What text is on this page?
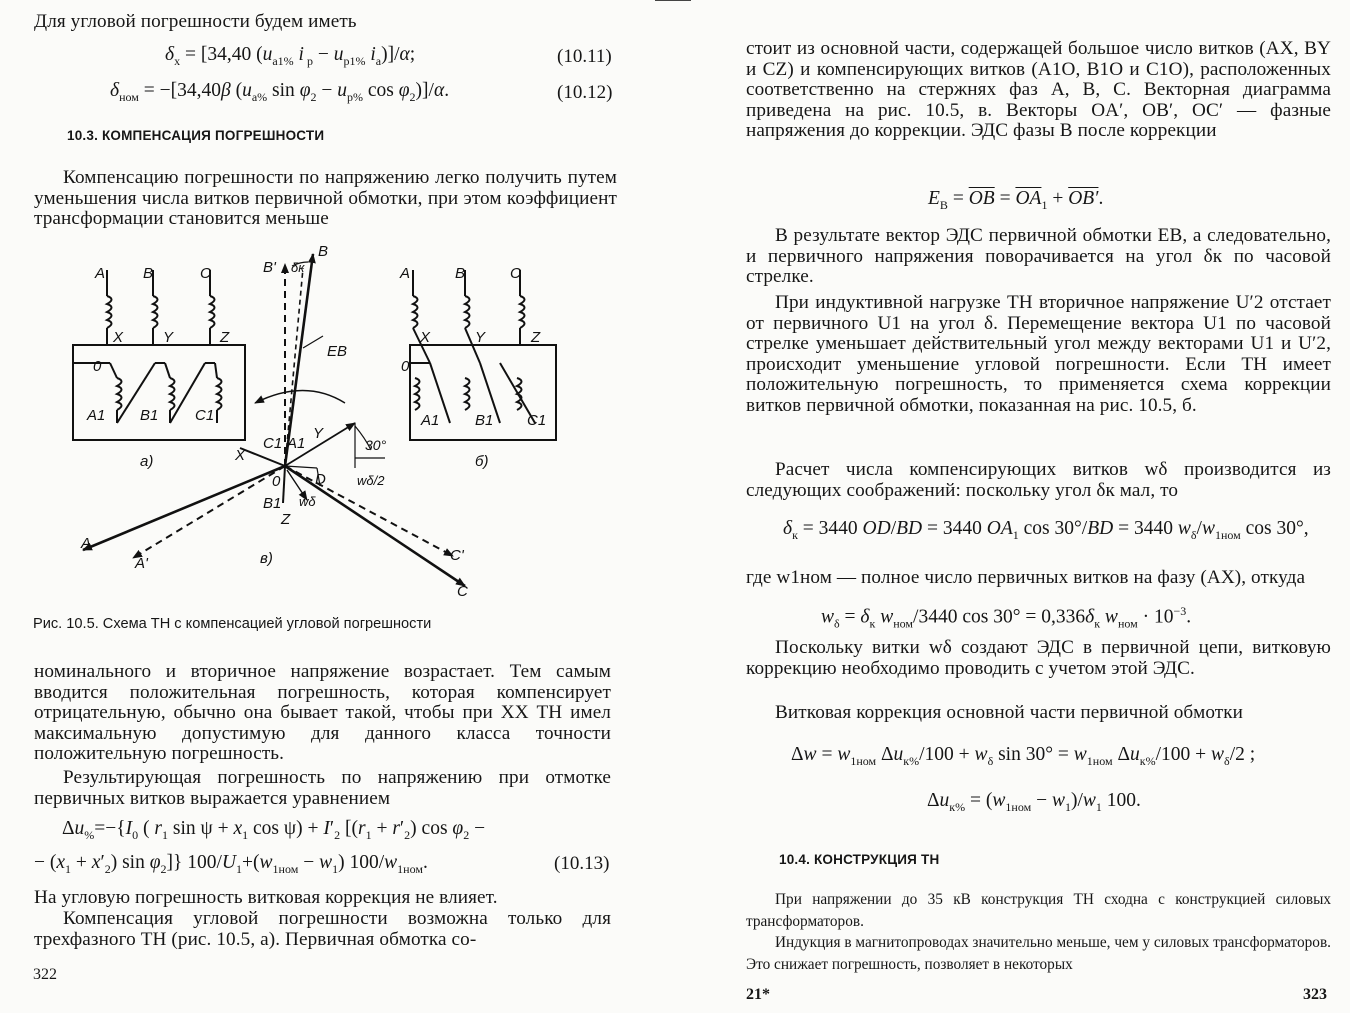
Для угловой погрешности будем иметь
$\delta_x = [34,40$ ($u_{a1\%}$ i $_p - u_{p1\%}$ $i_a)]/\alpha$;	(10.11)
$\delta_{ном} = -[34,40\beta$ ($u_{a\%}$ $\sin \varphi_2 - u_{p\%}$ $\cos \varphi_2)]/\alpha$.	(10.12)
10.3. КОМПЕНСАЦИЯ ПОГРЕШНОСТИ
Компенсацию погрешности по напряжению легко получить путем уменьшения числа витков первичной обмотки, при этом коэффициент трансформации становится меньше
A	B	C
X	Y	Z
0
A1 B1 C1
a)
A	B	C
X	Y	Z
0
A1 B1 C1
б)
B
B' δк
EB
C1 A1
Y
X
30°
D wδ/2
0
B1 wδ
Z
A
A'	C'
C
в)
Рис. 10.5. Схема ТН с компенсацией угловой погрешности
номинального и вторичное напряжение возрастает. Тем самым вводится положительная погрешность, которая компенсирует отрицательную, обычно она бывает такой, чтобы при XX ТН имел максимальную допустимую для данного класса точности положительную погрешность.
Результирующая погрешность по напряжению при отмотке первичных витков выражается уравнением
$\Delta u_{\%}=-\{I_0$ ( $r_1$ $\sin \psi + x_1$ $\cos \psi) + I'_2$ [$(r_1 + r'_2)$ $\cos \varphi_2$ −
− $(x_1 + x'_2)$ $\sin \varphi_2$]} $100/U_1+(w_{1ном} - w_1)$ $100/w_{1ном}$.	(10.13)
На угловую погрешность витковая коррекция не влияет.
Компенсация угловой погрешности возможна только для трехфазного ТН (рис. 10.5, а). Первичная обмотка со-
322
стоит из основной части, содержащей большое число витков (AX, BY и CZ) и компенсирующих витков (A1O, B1O и C1O), расположенных соответственно на стержнях фаз A, B, C. Векторная диаграмма приведена на рис. 10.5, в. Векторы OA′, OB′, OC′ — фазные напряжения до коррекции. ЭДС фазы B после коррекции
$E_B = \overline{OB} = \overline{OA}_1 + OB'$.
В результате вектор ЭДС первичной обмотки EB, а следовательно, и первичного напряжения поворачивается на угол δк по часовой стрелке.
При индуктивной нагрузке ТН вторичное напряжение U′2 отстает от первичного U1 на угол δ. Перемещение вектора U1 по часовой стрелке уменьшает действительный угол между векторами U1 и U′2, происходит уменьшение угловой погрешности. Если ТН имеет положительную погрешность, то применяется схема коррекции витков первичной обмотки, показанная на рис. 10.5, б.
Расчет числа компенсирующих витков wδ производится из следующих соображений: поскольку угол δк мал, то
$\delta_к = 3440$ OD/BD = 3440 $OA_1$ cos 30°/BD = 3440 $w_\delta/w_{1ном}$ cos 30°,
где w1ном — полное число первичных витков на фазу (AX), откуда
$w_\delta = \delta_к$ $w_{ном}/3440$ $\cos 30^\circ = 0,336\delta_к$ $w_{ном} \cdot 10^{-3}$.
Поскольку витки wδ создают ЭДС в первичной цепи, витковую коррекцию необходимо проводить с учетом этой ЭДС.
Витковая коррекция основной части первичной обмотки
$\Delta w = w_{1ном}$ $\Delta u_{к\%}/100 + w_\delta$ $\sin 30^\circ = w_{1ном}$ $\Delta u_{к\%}/100 + w_\delta/2$ ;
$\Delta u_{к\%} = (w_{1ном} - w_1)/w_1$ 100.
10.4. КОНСТРУКЦИЯ ТН
При напряжении до 35 кВ конструкция ТН сходна с конструкцией силовых трансформаторов.
Индукция в магнитопроводах значительно меньше, чем у силовых трансформаторов. Это снижает погрешность, позволяет в некоторых
21*	323
